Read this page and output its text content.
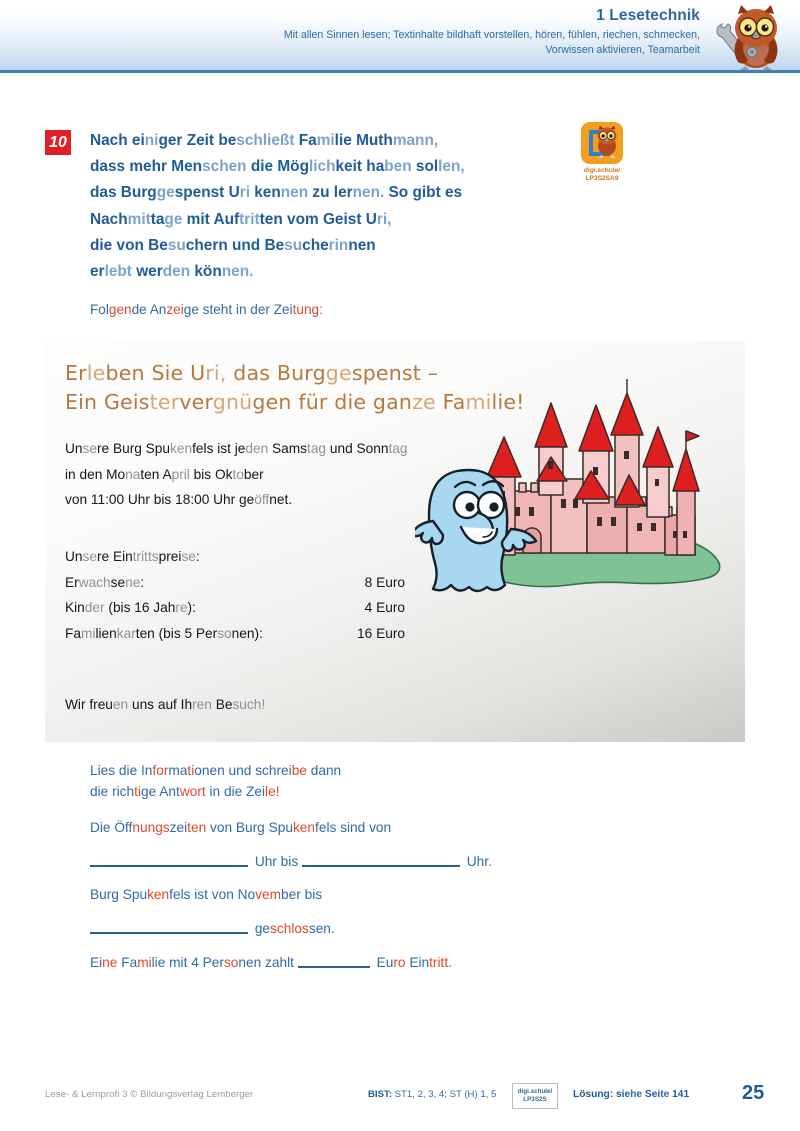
1 Lesetechnik
Mit allen Sinnen lesen; Textinhalte bildhaft vorstellen, hören, fühlen, riechen, schmecken,
Vorwissen aktivieren, Teamarbeit
10 Nach einiger Zeit beschließt Familie Muthmann,
dass mehr Menschen die Möglichkeit haben sollen,
das Burggespenst Uri kennen zu lernen. So gibt es
Nachmittage mit Auftritten vom Geist Uri,
die von Besuchern und Besucherinnen
erlebt werden können.
Folgende Anzeige steht in der Zeitung:
digi.schule/
LP3S2SA9
Erleben Sie Uri, das Burggespenst –
Ein Geistervergnügen für die ganze Familie!
Unsere Burg Spukenfels ist jeden Samstag und Sonntag
in den Monaten April bis Oktober
von 11:00 Uhr bis 18:00 Uhr geöffnet.
Unsere Eintrittspreise:
Erwachsene:	8 Euro
Kinder (bis 16 Jahre):	4 Euro
Familienkarten (bis 5 Personen):	16 Euro
Wir freuen uns auf Ihren Besuch!
Lies die Informationen und schreibe dann
die richtige Antwort in die Zeile!
Die Öffnungszeiten von Burg Spukenfels sind von
Uhr bis	Uhr.
Burg Spukenfels ist von November bis
geschlossen.
Eine Familie mit 4 Personen zahlt	Euro Eintritt.
Lese- & Lernprofi 3 © Bildungsverlag Lemberger	BIST: ST1, 2, 3, 4; ST (H) 1, 5	digi.schule/
LP3S2S	Lösung: siehe Seite 141	25
